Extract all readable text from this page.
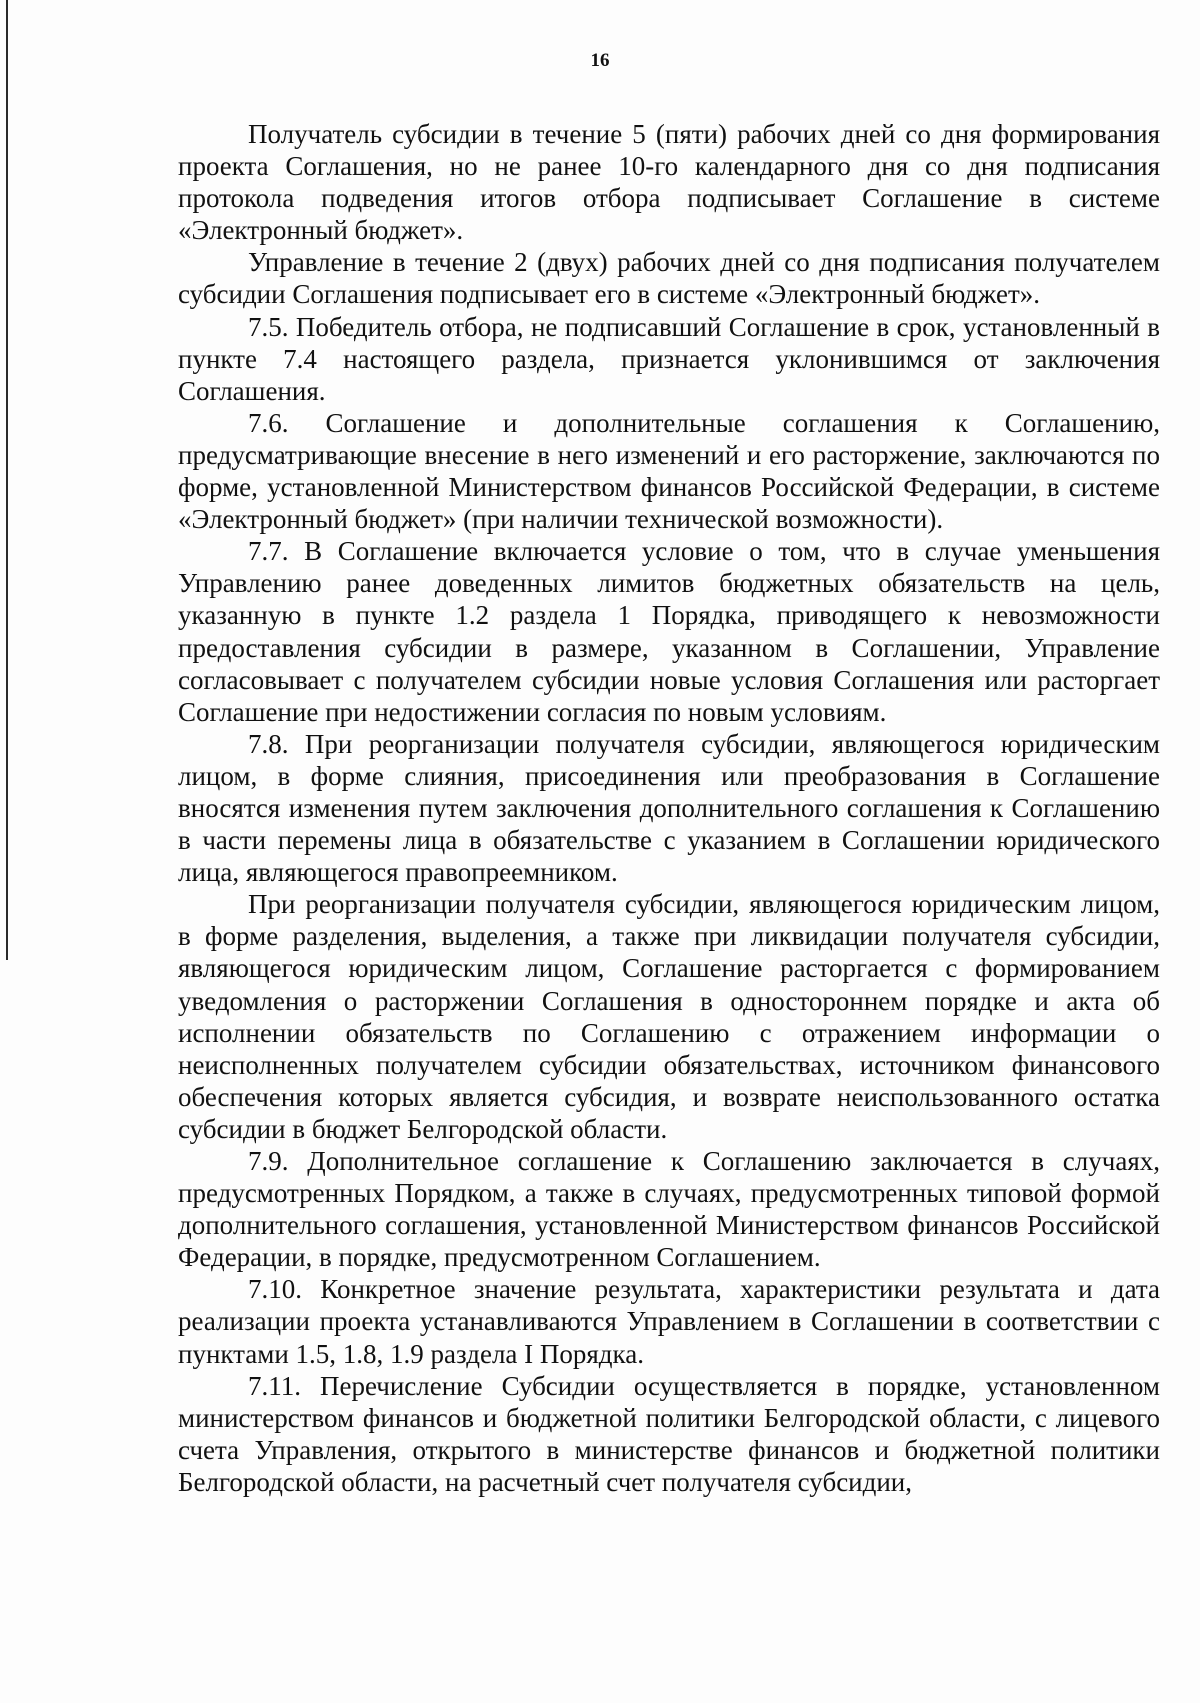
16

Получатель субсидии в течение 5 (пяти) рабочих дней со дня формирования проекта Соглашения, но не ранее 10-го календарного дня со дня подписания протокола подведения итогов отбора подписывает Соглашение в системе «Электронный бюджет».

Управление в течение 2 (двух) рабочих дней со дня подписания получателем субсидии Соглашения подписывает его в системе «Электронный бюджет».

7.5. Победитель отбора, не подписавший Соглашение в срок, установленный в пункте 7.4 настоящего раздела, признается уклонившимся от заключения Соглашения.

7.6. Соглашение и дополнительные соглашения к Соглашению, предусматривающие внесение в него изменений и его расторжение, заключаются по форме, установленной Министерством финансов Российской Федерации, в системе «Электронный бюджет» (при наличии технической возможности).

7.7. В Соглашение включается условие о том, что в случае уменьшения Управлению ранее доведенных лимитов бюджетных обязательств на цель, указанную в пункте 1.2 раздела 1 Порядка, приводящего к невозможности предоставления субсидии в размере, указанном в Соглашении, Управление согласовывает с получателем субсидии новые условия Соглашения или расторгает Соглашение при недостижении согласия по новым условиям.

7.8. При реорганизации получателя субсидии, являющегося юридическим лицом, в форме слияния, присоединения или преобразования в Соглашение вносятся изменения путем заключения дополнительного соглашения к Соглашению в части перемены лица в обязательстве с указанием в Соглашении юридического лица, являющегося правопреемником.

При реорганизации получателя субсидии, являющегося юридическим лицом, в форме разделения, выделения, а также при ликвидации получателя субсидии, являющегося юридическим лицом, Соглашение расторгается с формированием уведомления о расторжении Соглашения в одностороннем порядке и акта об исполнении обязательств по Соглашению с отражением информации о неисполненных получателем субсидии обязательствах, источником финансового обеспечения которых является субсидия, и возврате неиспользованного остатка субсидии в бюджет Белгородской области.

7.9. Дополнительное соглашение к Соглашению заключается в случаях, предусмотренных Порядком, а также в случаях, предусмотренных типовой формой дополнительного соглашения, установленной Министерством финансов Российской Федерации, в порядке, предусмотренном Соглашением.

7.10. Конкретное значение результата, характеристики результата и дата реализации проекта устанавливаются Управлением в Соглашении в соответствии с пунктами 1.5, 1.8, 1.9 раздела I Порядка.

7.11. Перечисление Субсидии осуществляется в порядке, установленном министерством финансов и бюджетной политики Белгородской области, с лицевого счета Управления, открытого в министерстве финансов и бюджетной политики Белгородской области, на расчетный счет получателя субсидии,
